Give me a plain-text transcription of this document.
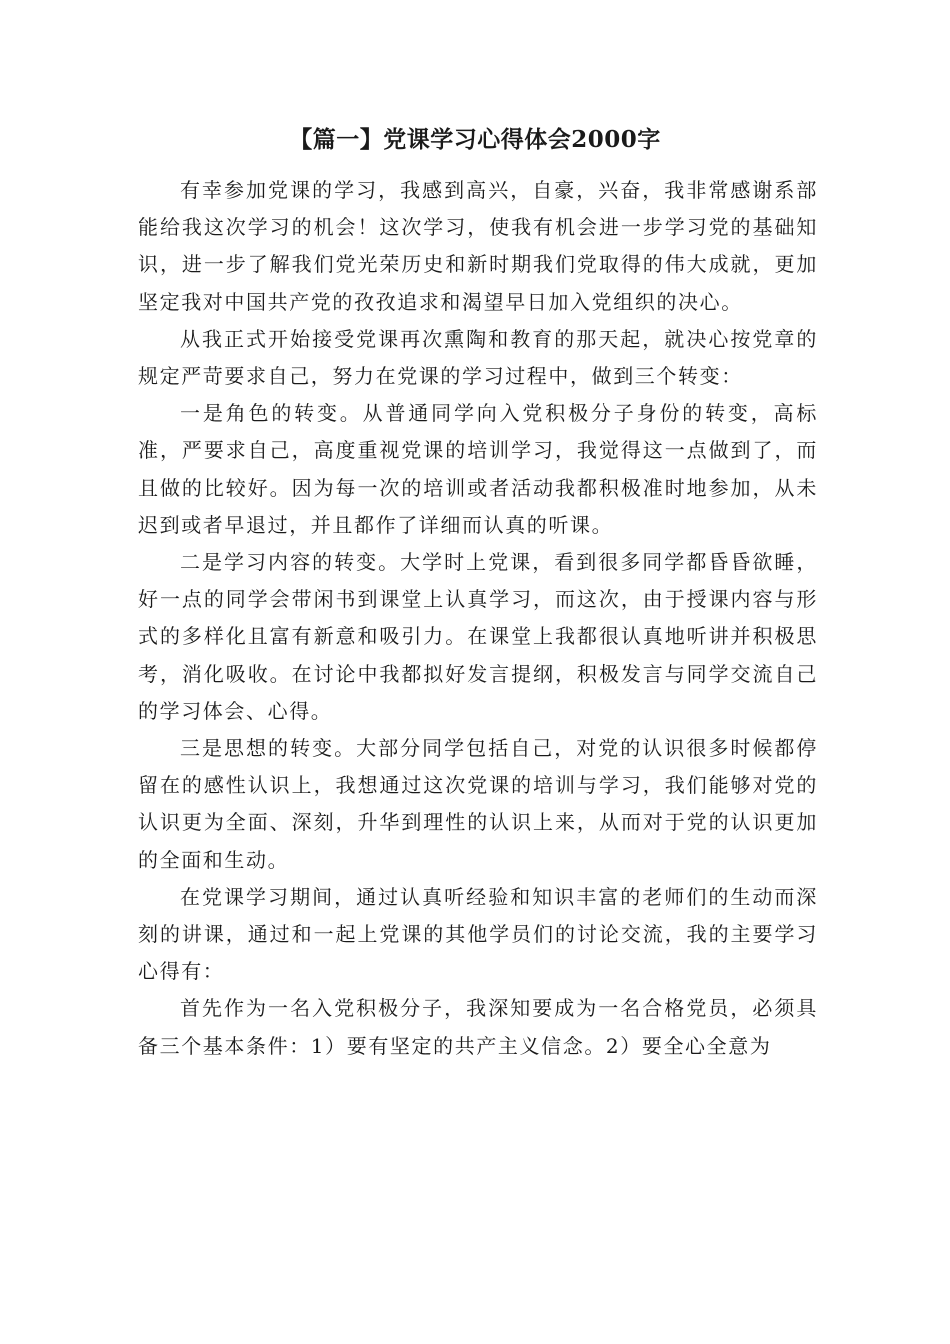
【篇一】党课学习心得体会2000字

有幸参加党课的学习，我感到高兴，自豪，兴奋，我非常感谢系部能给我这次学习的机会！这次学习，使我有机会进一步学习党的基础知识，进一步了解我们党光荣历史和新时期我们党取得的伟大成就，更加坚定我对中国共产党的孜孜追求和渴望早日加入党组织的决心。

从我正式开始接受党课再次熏陶和教育的那天起，就决心按党章的规定严苛要求自己，努力在党课的学习过程中，做到三个转变：

一是角色的转变。从普通同学向入党积极分子身份的转变，高标准，严要求自己，高度重视党课的培训学习，我觉得这一点做到了，而且做的比较好。因为每一次的培训或者活动我都积极准时地参加，从未迟到或者早退过，并且都作了详细而认真的听课。

二是学习内容的转变。大学时上党课，看到很多同学都昏昏欲睡，好一点的同学会带闲书到课堂上认真学习，而这次，由于授课内容与形式的多样化且富有新意和吸引力。在课堂上我都很认真地听讲并积极思考，消化吸收。在讨论中我都拟好发言提纲，积极发言与同学交流自己的学习体会、心得。

三是思想的转变。大部分同学包括自己，对党的认识很多时候都停留在的感性认识上，我想通过这次党课的培训与学习，我们能够对党的认识更为全面、深刻，升华到理性的认识上来，从而对于党的认识更加的全面和生动。

在党课学习期间，通过认真听经验和知识丰富的老师们的生动而深刻的讲课，通过和一起上党课的其他学员们的讨论交流，我的主要学习心得有：

首先作为一名入党积极分子，我深知要成为一名合格党员，必须具备三个基本条件：1）要有坚定的共产主义信念。2）要全心全意为
